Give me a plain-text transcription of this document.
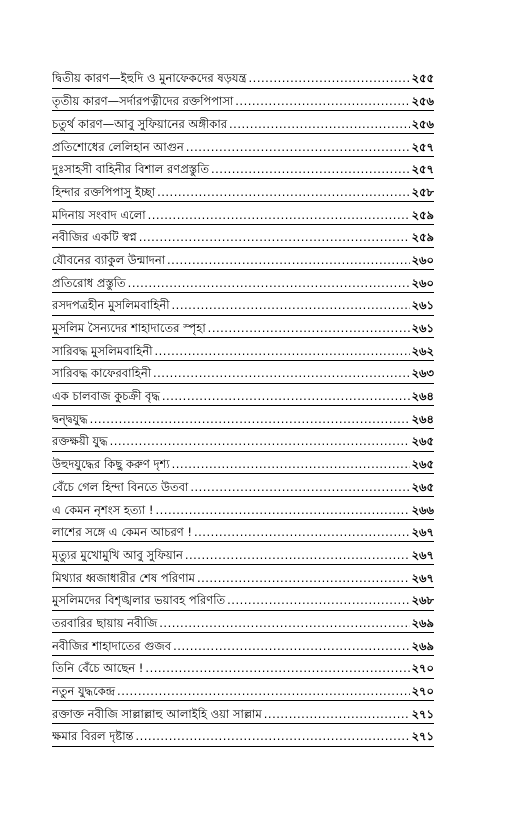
দ্বিতীয় কারণ—ইহুদি ও মুনাফেকদের ষড়যন্ত্র .....	২৫৫
তৃতীয় কারণ—সর্দারপত্নীদের রক্তপিপাসা .....	২৫৬
চতুর্থ কারণ—আবু সুফিয়ানের অঙ্গীকার .....	২৫৬
প্রতিশোধের লেলিহান আগুন .....	২৫৭
দুঃসাহসী বাহিনীর বিশাল রণপ্রস্তুতি .....	২৫৭
হিন্দার রক্তপিপাসু ইচ্ছা .....	২৫৮
মদিনায় সংবাদ এলো .....	২৫৯
নবীজির একটি স্বপ্ন .....	২৫৯
যৌবনের ব্যাকুল উন্মাদনা .....	২৬০
প্রতিরোধ প্রস্তুতি .....	২৬০
রসদপত্রহীন মুসলিমবাহিনী .....	২৬১
মুসলিম সৈন্যদের শাহাদাতের স্পৃহা .....	২৬১
সারিবদ্ধ মুসলিমবাহিনী .....	২৬২
সারিবদ্ধ কাফেরবাহিনী .....	২৬৩
এক চালবাজ কুচক্রী বৃদ্ধ .....	২৬৪
দ্বন্দ্বযুদ্ধ .....	২৬৪
রক্তক্ষয়ী যুদ্ধ .....	২৬৫
উহুদযুদ্ধের কিছু করুণ দৃশ্য .....	২৬৫
বেঁচে গেল হিন্দা বিনতে উতবা .....	২৬৫
এ কেমন নৃশংস হত্যা ! .....	২৬৬
লাশের সঙ্গে এ কেমন আচরণ ! .....	২৬৭
মৃত্যুর মুখোমুখি আবু সুফিয়ান .....	২৬৭
মিথ্যার ধ্বজাধারীর শেষ পরিণাম .....	২৬৭
মুসলিমদের বিশৃঙ্খলার ভয়াবহ পরিণতি .....	২৬৮
তরবারির ছায়ায় নবীজি .....	২৬৯
নবীজির শাহাদাতের গুজব .....	২৬৯
তিনি বেঁচে আছেন ! .....	২৭০
নতুন যুদ্ধকেন্দ্র .....	২৭০
রক্তাক্ত নবীজি সাল্লাল্লাহু আলাইহি ওয়া সাল্লাম .....	২৭১
ক্ষমার বিরল দৃষ্টান্ত .....	২৭১
